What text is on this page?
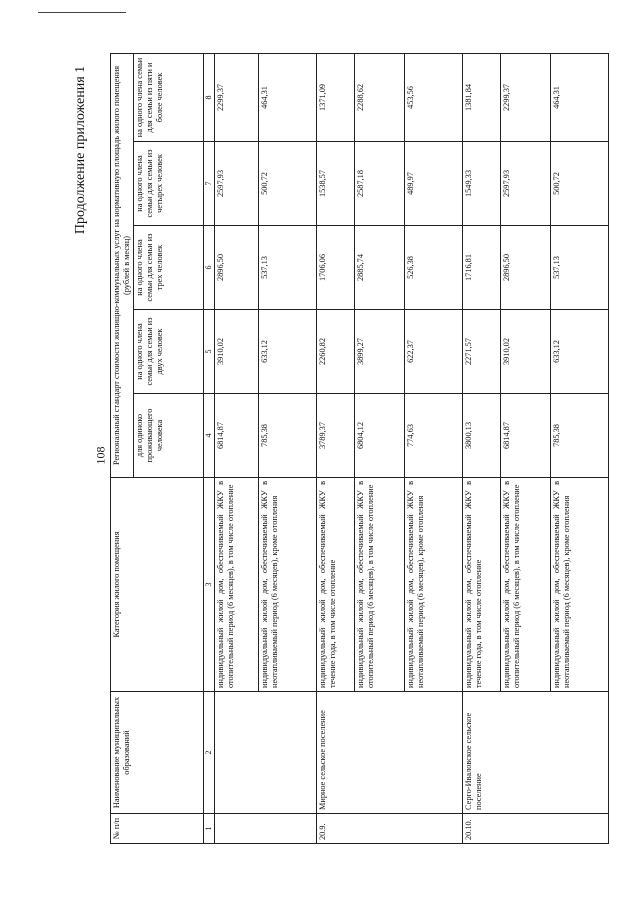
Продолжение приложения 1
108
№ п/п	Наименование муниципальных образований	Категория жилого помещения	Региональный стандарт стоимости жилищно-коммунальных услуг на нормативную площадь жилого помещения (рублей в месяц)				
			для одиноко проживающего человека	на одного члена семьи для семьи из двух человек	на одного члена семьи для семьи из трех человек	на одного члена семьи для семьи из четырех человек	на одного члена семьи для семьи из пяти и более человек
1	2	3	4	5	6	7	8
		индивидуальный жилой дом, обеспечиваемый ЖКУ в отопительный период (6 месяцев), в том числе отопление	6814,87	3910,02	2896,50	2597,93	2299,37
		индивидуальный жилой дом, обеспечиваемый ЖКУ в неотапливаемый период (6 месяцев), кроме отопления	785,38	633,12	537,13	500,72	464,31
20.9.	Мирное сельское поселение	индивидуальный жилой дом, обеспечиваемый ЖКУ в течение года, в том числе отопление	3789,37	2260,82	1706,06	1538,57	1371,09
		индивидуальный жилой дом, обеспечиваемый ЖКУ в отопительный период (6 месяцев), в том числе отопление	6804,12	3899,27	2885,74	2587,18	2288,62
		индивидуальный жилой дом, обеспечиваемый ЖКУ в неотапливаемый период (6 месяцев), кроме отопления	774,63	622,37	526,38	489,97	453,56
20.10.	Серго-Иваловское сельское поселение	индивидуальный жилой дом, обеспечиваемый ЖКУ в течение года, в том числе отопление	3800,13	2271,57	1716,81	1549,33	1381,84
		индивидуальный жилой дом, обеспечиваемый ЖКУ в отопительный период (6 месяцев), в том числе отопление	6814,87	3910,02	2896,50	2597,93	2299,37
		индивидуальный жилой дом, обеспечиваемый ЖКУ в неотапливаемый период (6 месяцев), кроме отопления	785,38	633,12	537,13	500,72	464,31
